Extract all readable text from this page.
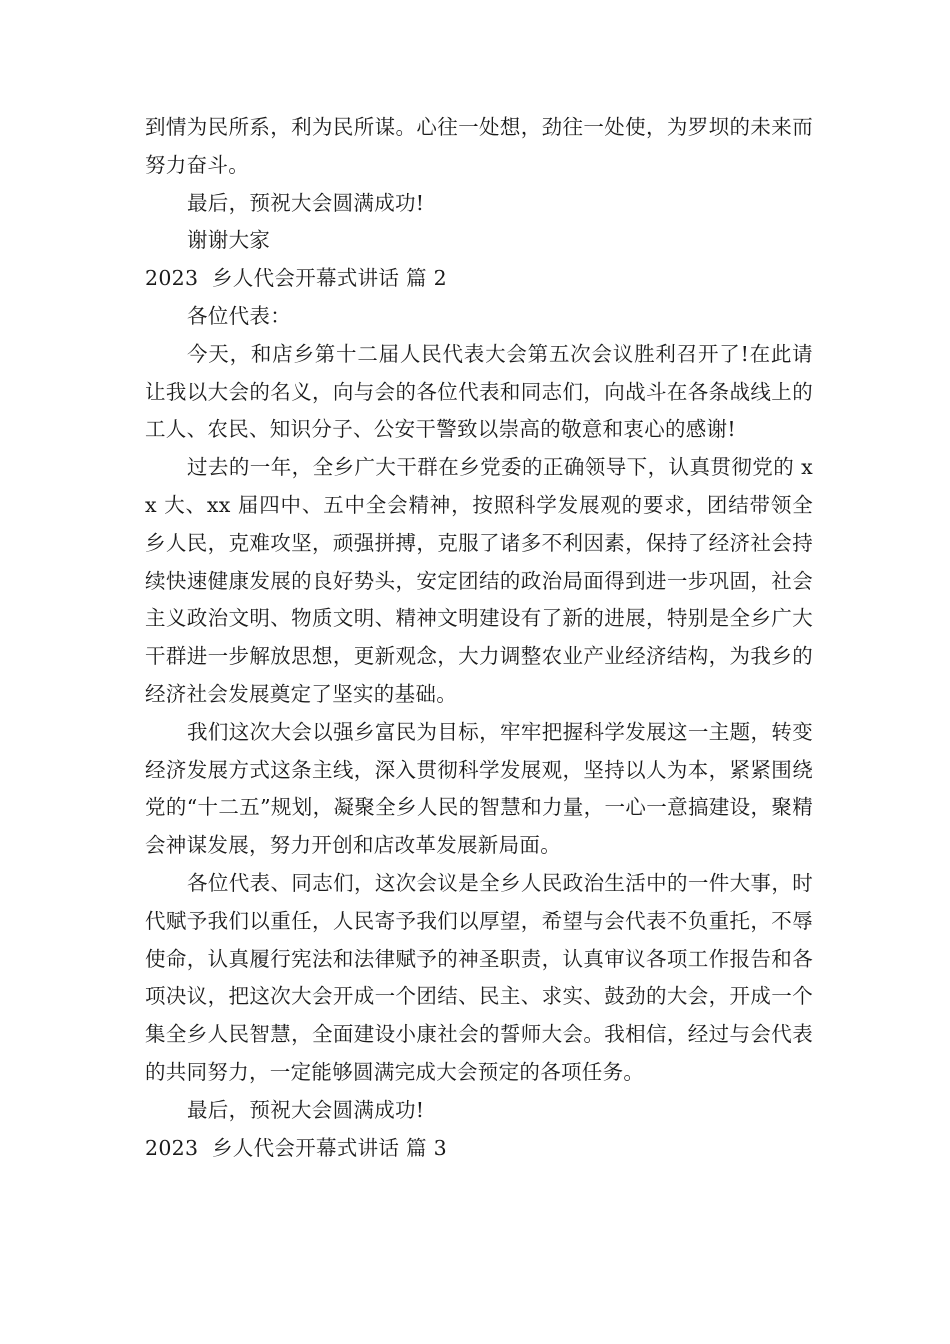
到情为民所系，利为民所谋。心往一处想，劲往一处使，为罗坝的未来而努力奋斗。

最后，预祝大会圆满成功!

谢谢大家

2023  乡人代会开幕式讲话 篇 2

各位代表：

今天，和店乡第十二届人民代表大会第五次会议胜利召开了!在此请让我以大会的名义，向与会的各位代表和同志们，向战斗在各条战线上的工人、农民、知识分子、公安干警致以崇高的敬意和衷心的感谢!

过去的一年，全乡广大干群在乡党委的正确领导下，认真贯彻党的 xx 大、xx 届四中、五中全会精神，按照科学发展观的要求，团结带领全乡人民，克难攻坚，顽强拼搏，克服了诸多不利因素，保持了经济社会持续快速健康发展的良好势头，安定团结的政治局面得到进一步巩固，社会主义政治文明、物质文明、精神文明建设有了新的进展，特别是全乡广大干群进一步解放思想，更新观念，大力调整农业产业经济结构，为我乡的经济社会发展奠定了坚实的基础。

我们这次大会以强乡富民为目标，牢牢把握科学发展这一主题，转变经济发展方式这条主线，深入贯彻科学发展观，坚持以人为本，紧紧围绕党的“十二五”规划，凝聚全乡人民的智慧和力量，一心一意搞建设，聚精会神谋发展，努力开创和店改革发展新局面。

各位代表、同志们，这次会议是全乡人民政治生活中的一件大事，时代赋予我们以重任，人民寄予我们以厚望，希望与会代表不负重托，不辱使命，认真履行宪法和法律赋予的神圣职责，认真审议各项工作报告和各项决议，把这次大会开成一个团结、民主、求实、鼓劲的大会，开成一个集全乡人民智慧，全面建设小康社会的誓师大会。我相信，经过与会代表的共同努力，一定能够圆满完成大会预定的各项任务。

最后，预祝大会圆满成功!

2023  乡人代会开幕式讲话 篇 3
